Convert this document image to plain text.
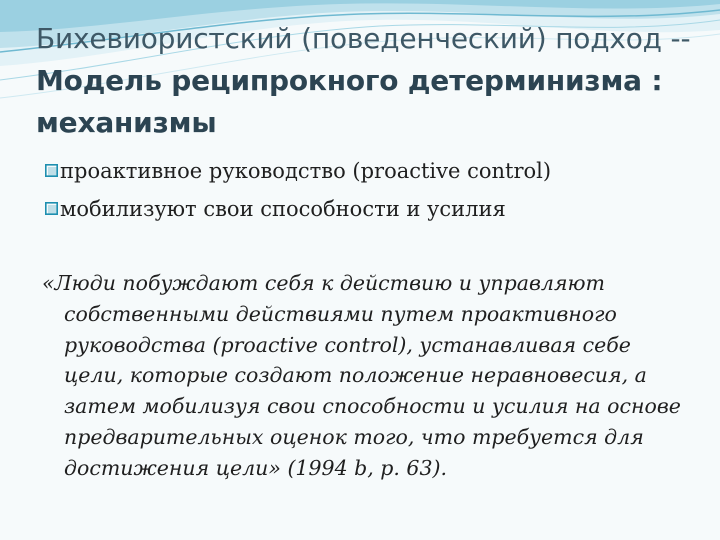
Бихевиористский (поведенческий) подход -- Модель реципрокного детерминизма : механизмы
проактивное руководство (proactive control)
мобилизуют свои способности и усилия

«Люди побуждают себя к действию и управляют собственными действиями путем проактивного руководства (proactive control), устанавливая себе цели, которые создают положение неравновесия, а затем мобилизуя свои способности и усилия на основе предварительных оценок того, что требуется для достижения цели» (1994 b, p. 63).
